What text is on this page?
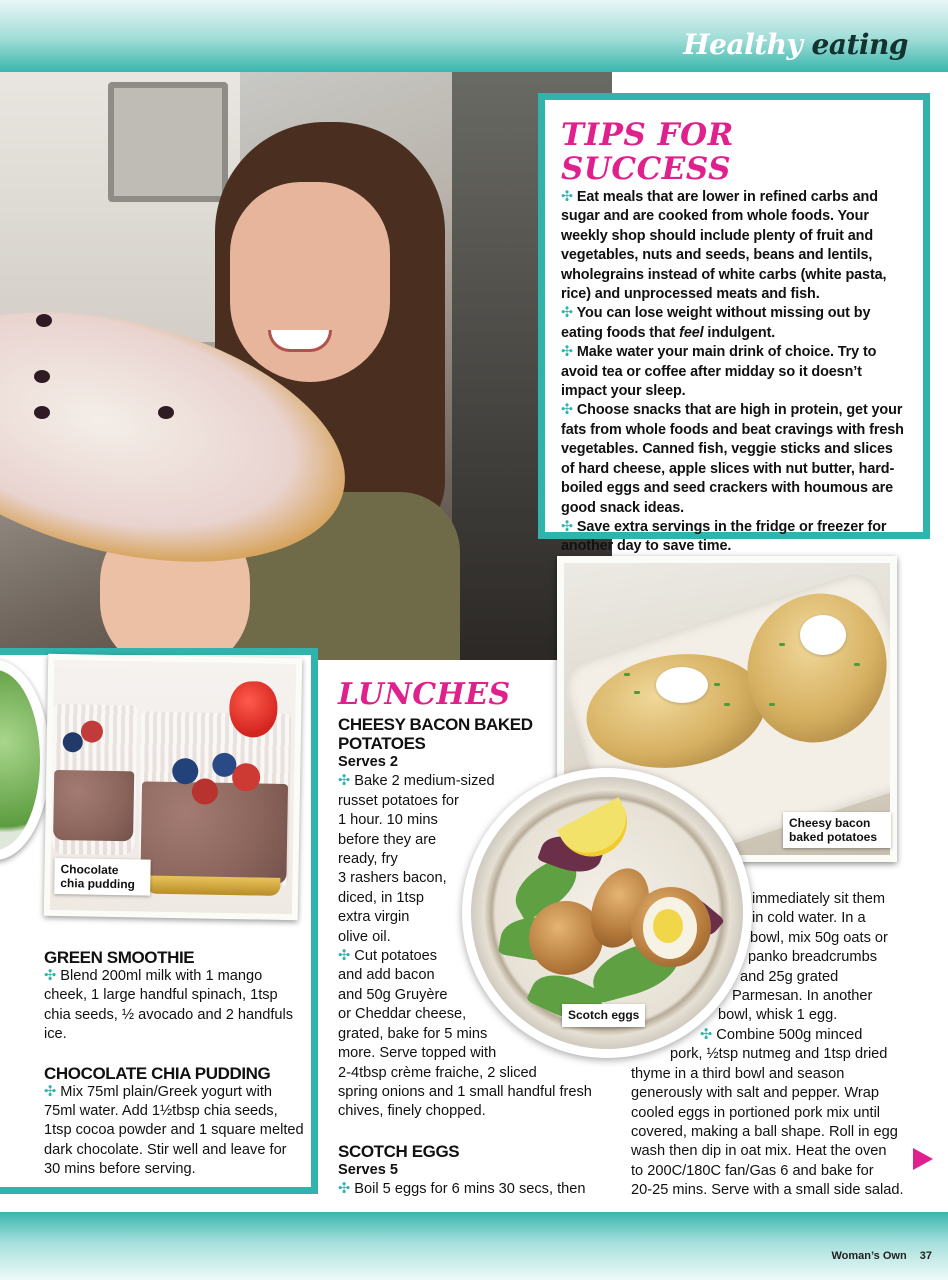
Healthy eating
TIPS FOR SUCCESS
✣ Eat meals that are lower in refined carbs and sugar and are cooked from whole foods. Your weekly shop should include plenty of fruit and vegetables, nuts and seeds, beans and lentils, wholegrains instead of white carbs (white pasta, rice) and unprocessed meats and fish.
✣ You can lose weight without missing out by eating foods that feel indulgent.
✣ Make water your main drink of choice. Try to avoid tea or coffee after midday so it doesn’t impact your sleep.
✣ Choose snacks that are high in protein, get your fats from whole foods and beat cravings with fresh vegetables. Canned fish, veggie sticks and slices of hard cheese, apple slices with nut butter, hard-boiled eggs and seed crackers with houmous are good snack ideas.
✣ Save extra servings in the fridge or freezer for another day to save time.
Cheesy bacon baked potatoes
Chocolate chia pudding
GREEN SMOOTHIE
✣ Blend 200ml milk with 1 mango cheek, 1 large handful spinach, 1tsp chia seeds, ½ avocado and 2 handfuls ice.
CHOCOLATE CHIA PUDDING
✣ Mix 75ml plain/Greek yogurt with 75ml water. Add 1½tbsp chia seeds, 1tsp cocoa powder and 1 square melted dark chocolate. Stir well and leave for 30 mins before serving.
LUNCHES
CHEESY BACON BAKED POTATOES
Serves 2
✣ Bake 2 medium-sized
russet potatoes for
1 hour. 10 mins
before they are
ready, fry
3 rashers bacon,
diced, in 1tsp
extra virgin
olive oil.
✣ Cut potatoes
and add bacon
and 50g Gruyère
or Cheddar cheese,
grated, bake for 5 mins
more. Serve topped with
2-4tbsp crème fraiche, 2 sliced
spring onions and 1 small handful fresh
chives, finely chopped.
Scotch eggs
SCOTCH EGGS
Serves 5
✣ Boil 5 eggs for 6 mins 30 secs, then
immediately sit them
in cold water. In a
bowl, mix 50g oats or
panko breadcrumbs
and 25g grated
Parmesan. In another
bowl, whisk 1 egg.
✣ Combine 500g minced
pork, ½tsp nutmeg and 1tsp dried
thyme in a third bowl and season
generously with salt and pepper. Wrap
cooled eggs in portioned pork mix until
covered, making a ball shape. Roll in egg
wash then dip in oat mix. Heat the oven
to 200C/180C fan/Gas 6 and bake for
20-25 mins. Serve with a small side salad.
Woman’s Own 37
